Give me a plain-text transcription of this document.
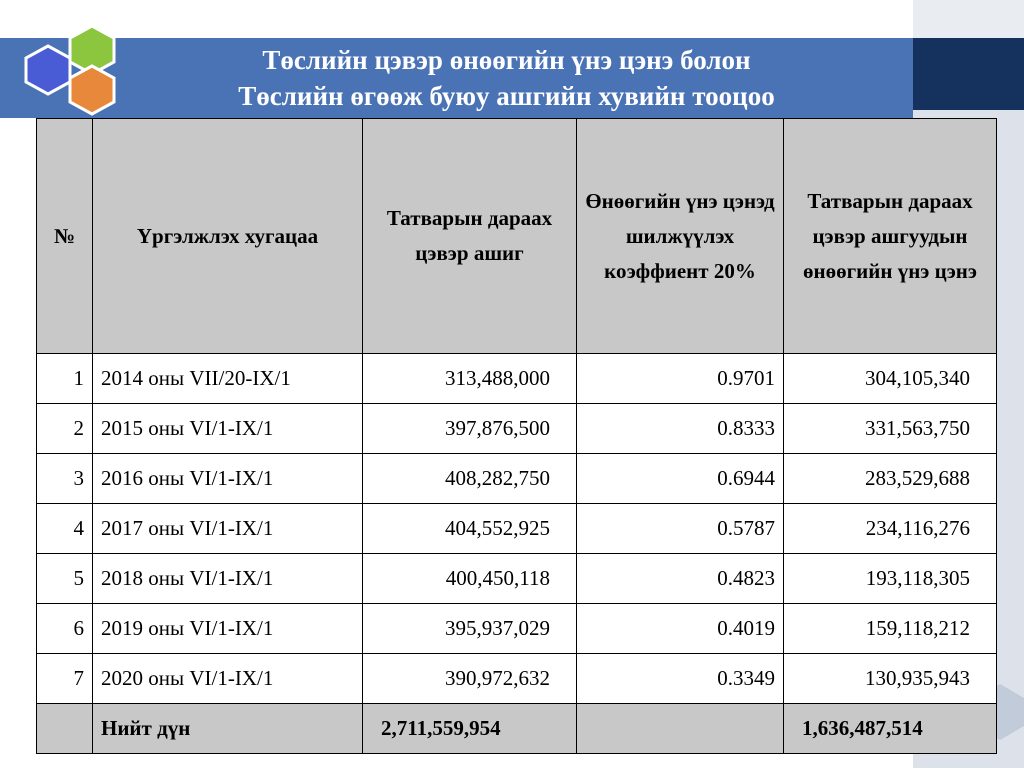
Төслийн цэвэр өнөөгийн үнэ цэнэ болон
Төслийн өгөөж буюу ашгийн хувийн тооцоо
№	Үргэлжлэх хугацаа	Татварын дараах цэвэр ашиг	Өнөөгийн үнэ цэнэд шилжүүлэх коэффиент 20%	Татварын дараах цэвэр ашгуудын өнөөгийн үнэ цэнэ
1	2014 оны VII/20-IX/1	313,488,000	0.9701	304,105,340
2	2015 оны VI/1-IX/1	397,876,500	0.8333	331,563,750
3	2016 оны VI/1-IX/1	408,282,750	0.6944	283,529,688
4	2017 оны VI/1-IX/1	404,552,925	0.5787	234,116,276
5	2018 оны VI/1-IX/1	400,450,118	0.4823	193,118,305
6	2019 оны VI/1-IX/1	395,937,029	0.4019	159,118,212
7	2020 оны VI/1-IX/1	390,972,632	0.3349	130,935,943
	Нийт дүн	2,711,559,954		1,636,487,514
